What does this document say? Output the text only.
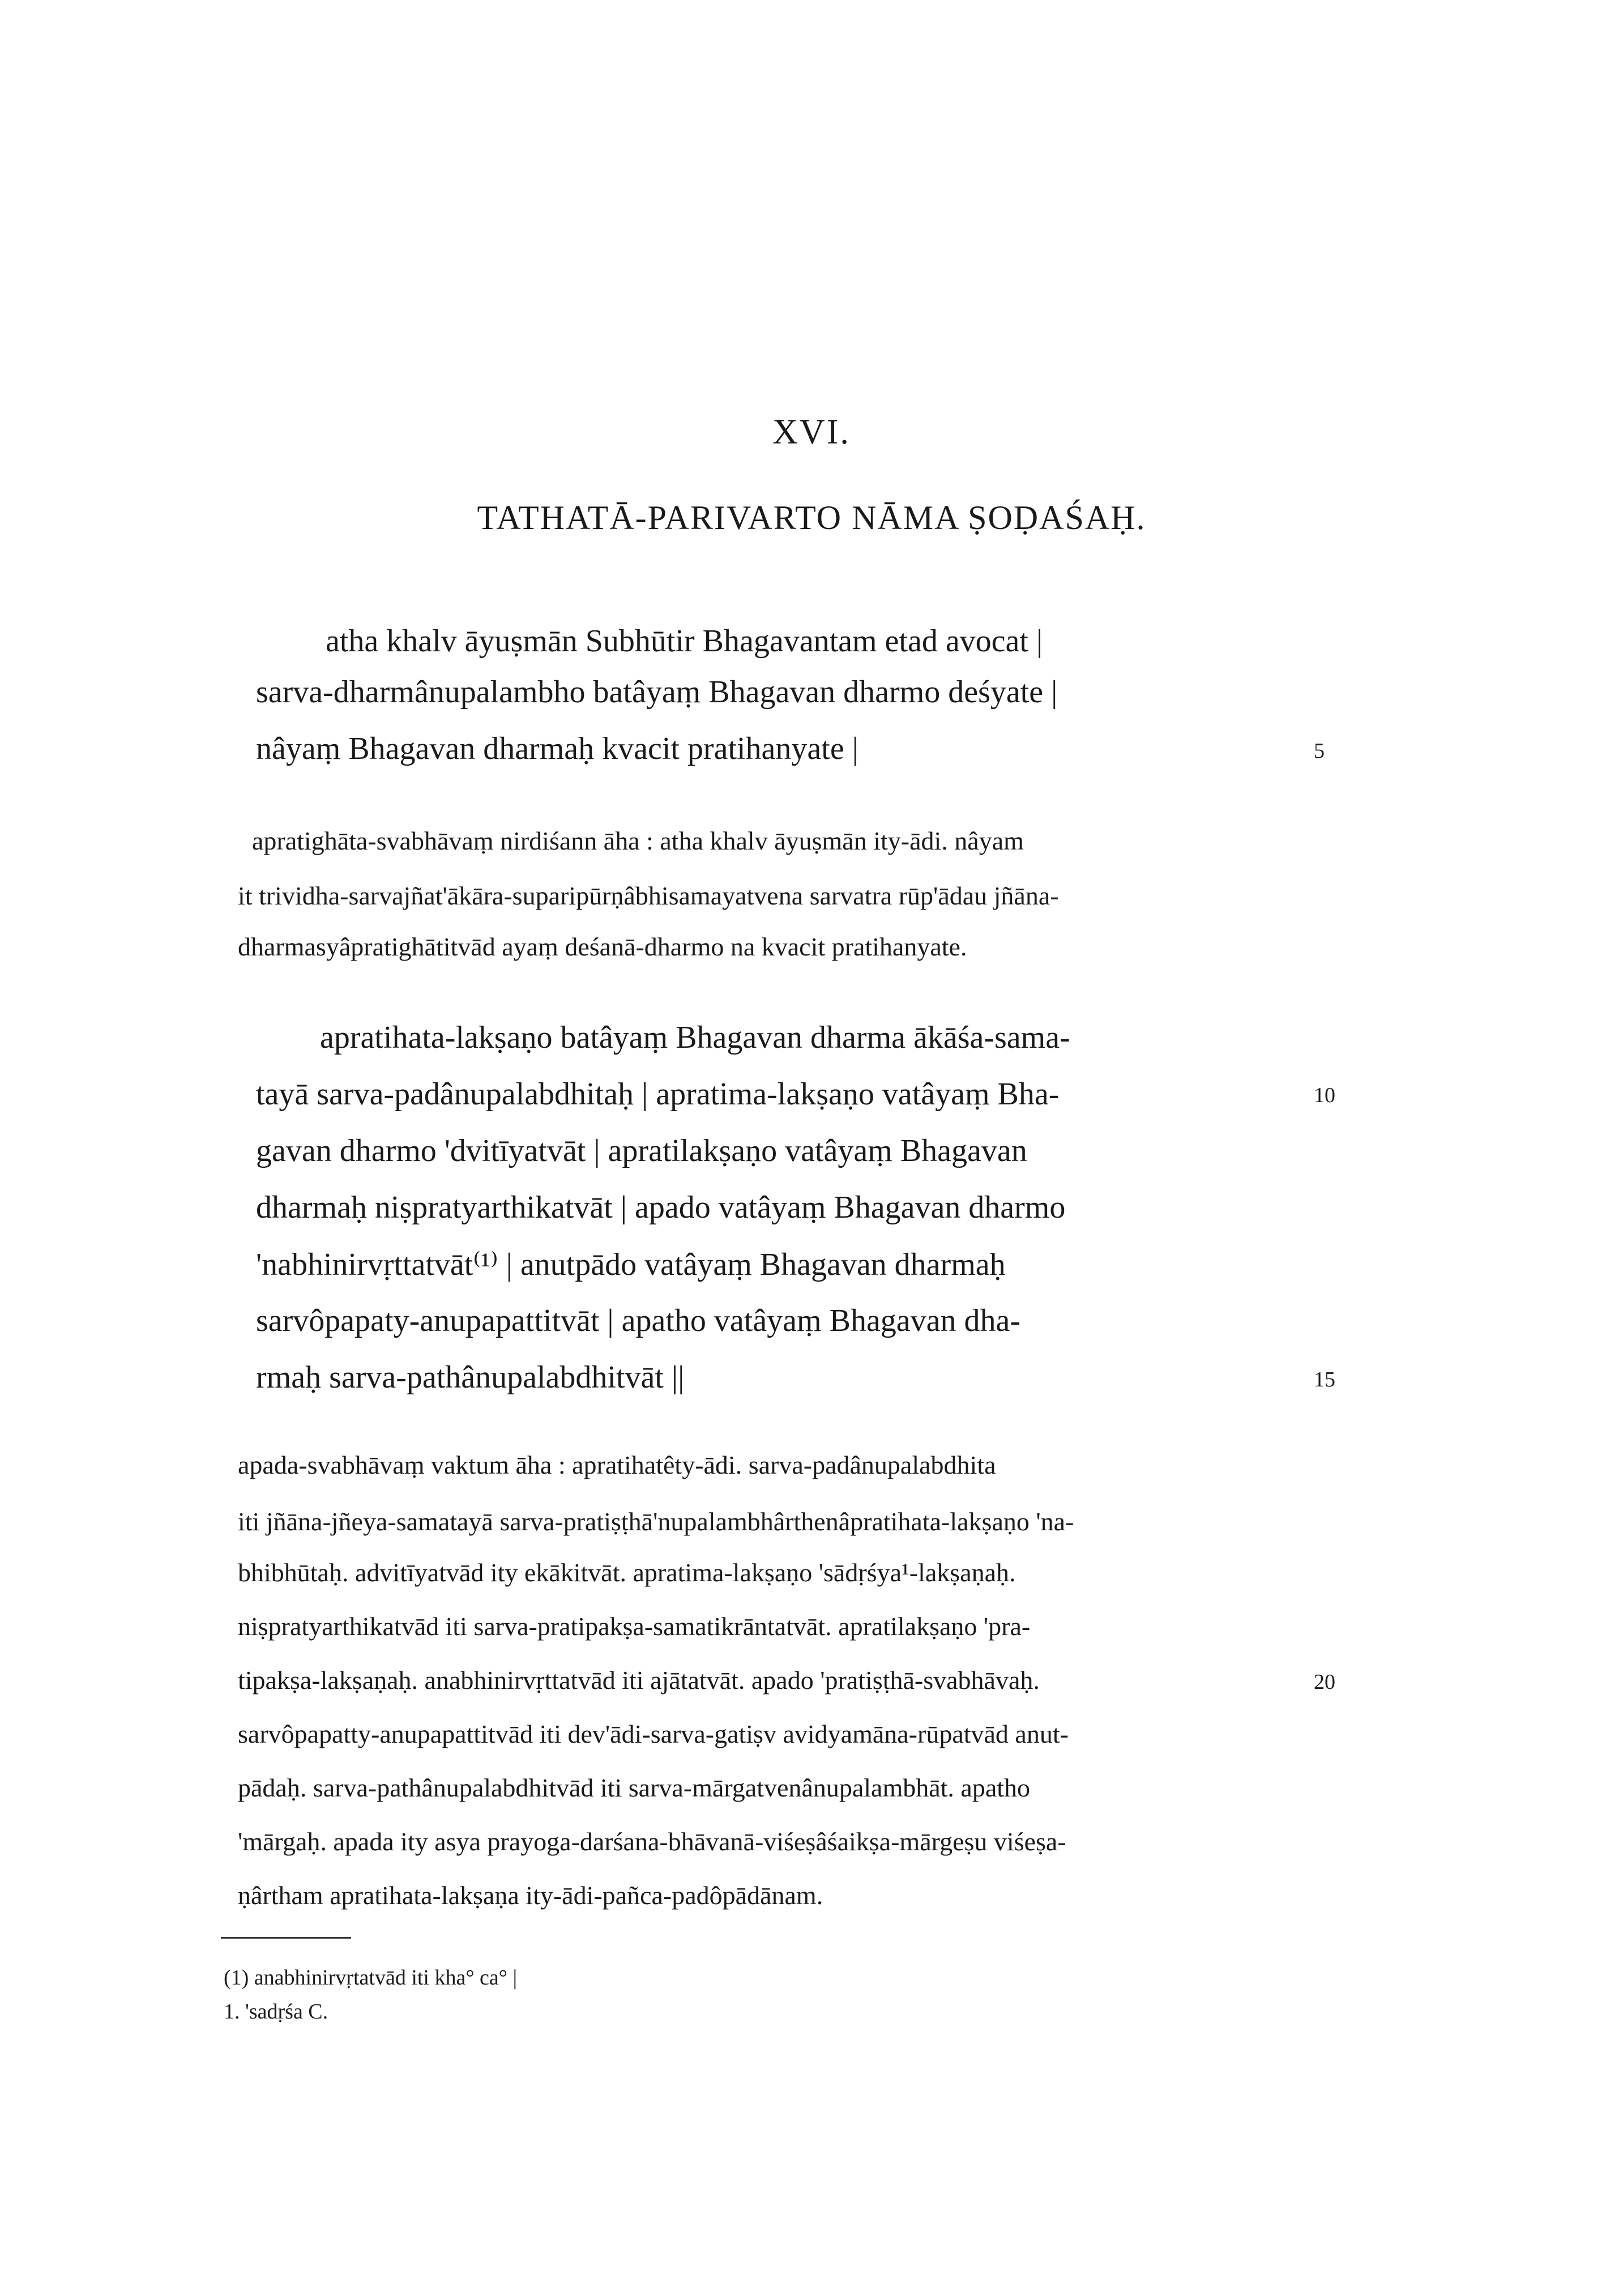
XVI.
TATHATĀ-PARIVARTO NĀMA ṢOḌAŚAḤ.
atha khalv āyuṣmān Subhūtir Bhagavantam etad avocat |
sarva-dharmânupalambho batâyaṃ Bhagavan dharmo deśyate |
nâyaṃ Bhagavan dharmaḥ kvacit pratihanyate |	5
apratighāta-svabhāvaṃ nirdiśann āha : atha khalv āyuṣmān ity-ādi. nâyam
it trividha-sarvajñat'ākāra-suparipūrṇâbhisamayatvena sarvatra rūp'ādau jñāna-
dharmasyâpratighātitvād ayaṃ deśanā-dharmo na kvacit pratihanyate.
apratihata-lakṣaṇo batâyaṃ Bhagavan dharma ākāśa-sama-
tayā sarva-padânupalabdhitaḥ | apratima-lakṣaṇo vatâyaṃ Bha-	10
gavan dharmo 'dvitīyatvāt | apratilakṣaṇo vatâyaṃ Bhagavan
dharmaḥ niṣpratyarthikatvāt | apado vatâyaṃ Bhagavan dharmo
'nabhinirvṛttatvāt⁽¹⁾ | anutpādo vatâyaṃ Bhagavan dharmaḥ
sarvôpapaty-anupapattitvāt | apatho vatâyaṃ Bhagavan dha-
rmaḥ sarva-pathânupalabdhitvāt ||	15
apada-svabhāvaṃ vaktum āha : apratihatêty-ādi. sarva-padânupalabdhita
iti jñāna-jñeya-samatayā sarva-pratiṣṭhā'nupalambhârthenâpratihata-lakṣaṇo 'na-
bhibhūtaḥ. advitīyatvād ity ekākitvāt. apratima-lakṣaṇo 'sādṛśya¹-lakṣaṇaḥ.
niṣpratyarthikatvād iti sarva-pratipakṣa-samatikrāntatvāt. apratilakṣaṇo 'pra-
tipakṣa-lakṣaṇaḥ. anabhinirvṛttatvād iti ajātatvāt. apado 'pratiṣṭhā-svabhāvaḥ.	20
sarvôpapatty-anupapattitvād iti dev'ādi-sarva-gatiṣv avidyamāna-rūpatvād anut-
pādaḥ. sarva-pathânupalabdhitvād iti sarva-mārgatvenânupalambhāt. apatho
'mārgaḥ. apada ity asya prayoga-darśana-bhāvanā-viśeṣâśaikṣa-mārgeṣu viśeṣa-
ṇârtham apratihata-lakṣaṇa ity-ādi-pañca-padôpādānam.
(1) anabhinirvṛtatvād iti kha° ca° |
1. 'sadṛśa C.
